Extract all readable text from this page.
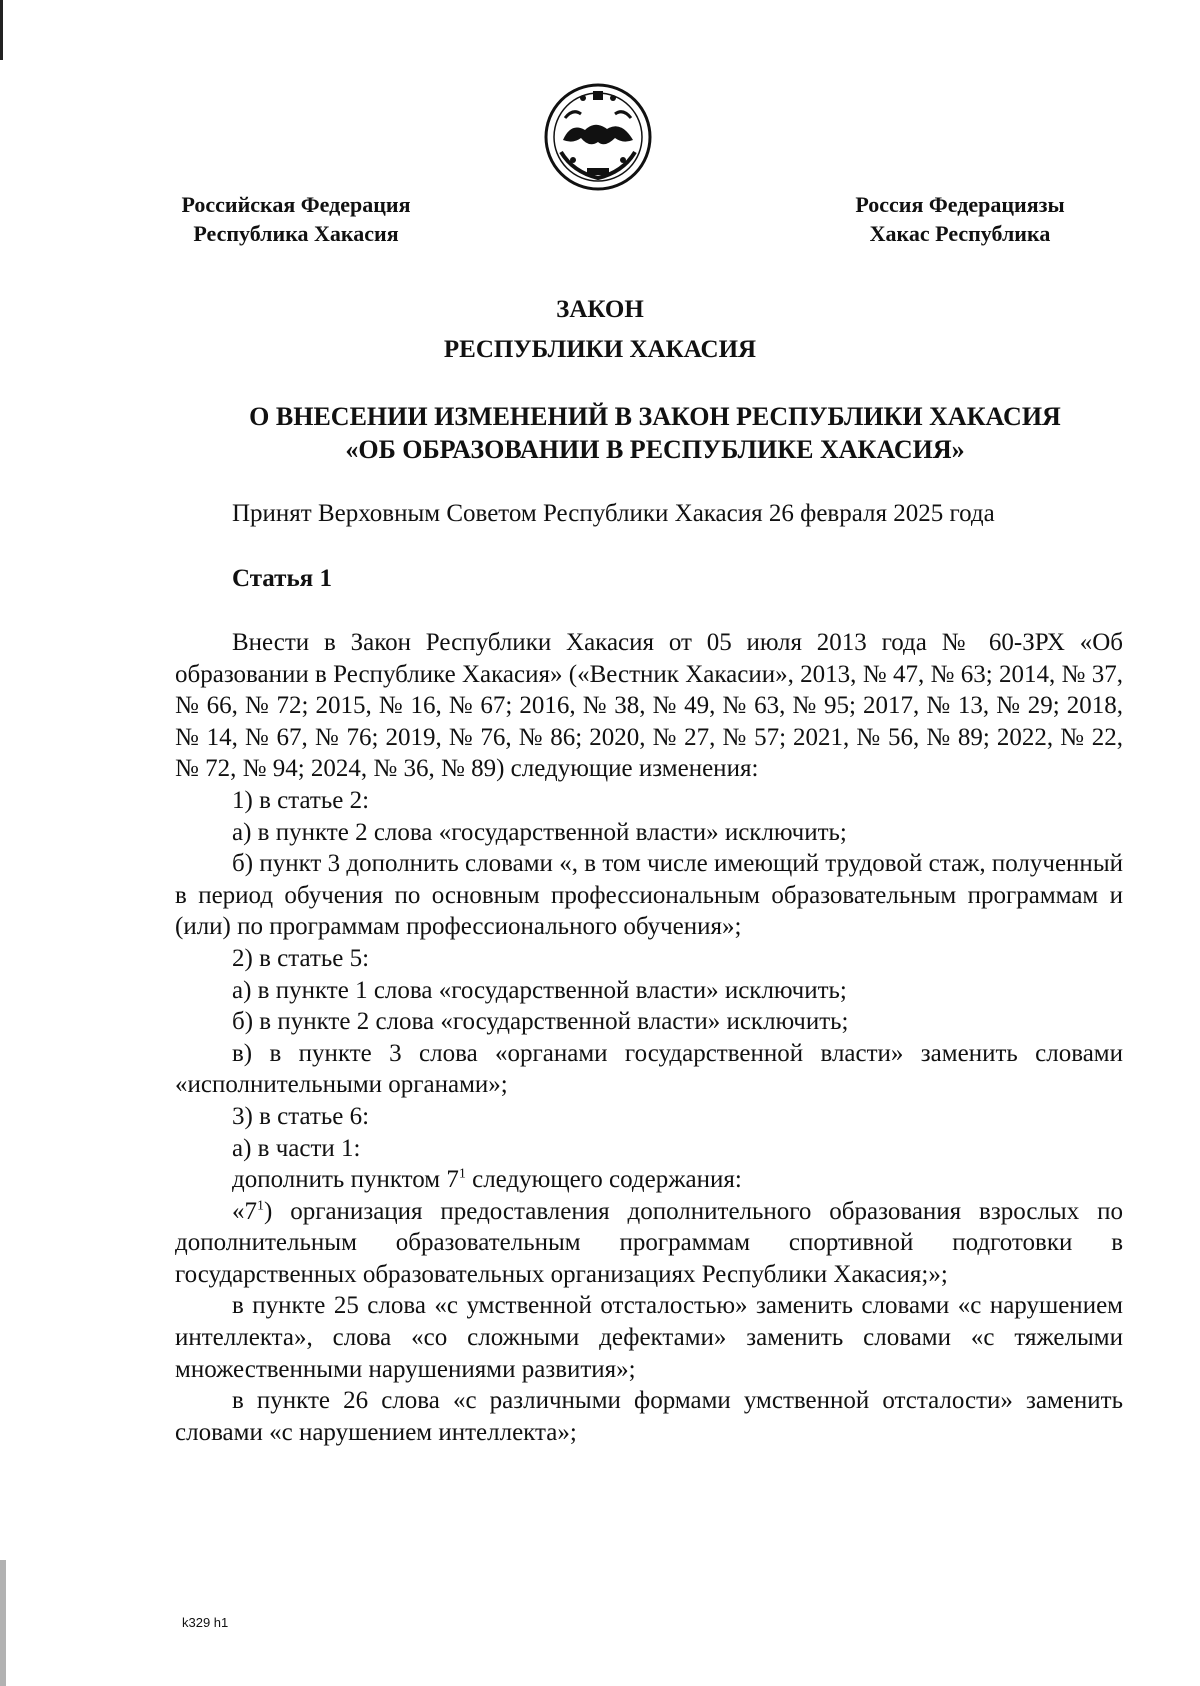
Российская Федерация
Республика Хакасия
Россия Федерациязы
Хакас Республика
ЗАКОН
РЕСПУБЛИКИ ХАКАСИЯ
О ВНЕСЕНИИ ИЗМЕНЕНИЙ В ЗАКОН РЕСПУБЛИКИ ХАКАСИЯ
«ОБ ОБРАЗОВАНИИ В РЕСПУБЛИКЕ ХАКАСИЯ»
Принят Верховным Советом Республики Хакасия 26 февраля 2025 года
Статья 1

Внести в Закон Республики Хакасия от 05 июля 2013 года № 60-ЗРХ «Об образовании в Республике Хакасия» («Вестник Хакасии», 2013, № 47, № 63; 2014, № 37, № 66, № 72; 2015, № 16, № 67; 2016, № 38, № 49, № 63, № 95; 2017, № 13, № 29; 2018, № 14, № 67, № 76; 2019, № 76, № 86; 2020, № 27, № 57; 2021, № 56, № 89; 2022, № 22, № 72, № 94; 2024, № 36, № 89) следующие изменения:

1) в статье 2:

а) в пункте 2 слова «государственной власти» исключить;

б) пункт 3 дополнить словами «, в том числе имеющий трудовой стаж, полученный в период обучения по основным профессиональным образовательным программам и (или) по программам профессионального обучения»;

2) в статье 5:

а) в пункте 1 слова «государственной власти» исключить;

б) в пункте 2 слова «государственной власти» исключить;

в) в пункте 3 слова «органами государственной власти» заменить словами «исполнительными органами»;

3) в статье 6:

а) в части 1:

дополнить пунктом $7^1$ следующего содержания:

«$7^1$) организация предоставления дополнительного образования взрослых по дополнительным образовательным программам спортивной подготовки в государственных образовательных организациях Республики Хакасия;»;

в пункте 25 слова «с умственной отсталостью» заменить словами «с нарушением интеллекта», слова «со сложными дефектами» заменить словами «с тяжелыми множественными нарушениями развития»;

в пункте 26 слова «с различными формами умственной отсталости» заменить словами «с нарушением интеллекта»;

k329 h1
